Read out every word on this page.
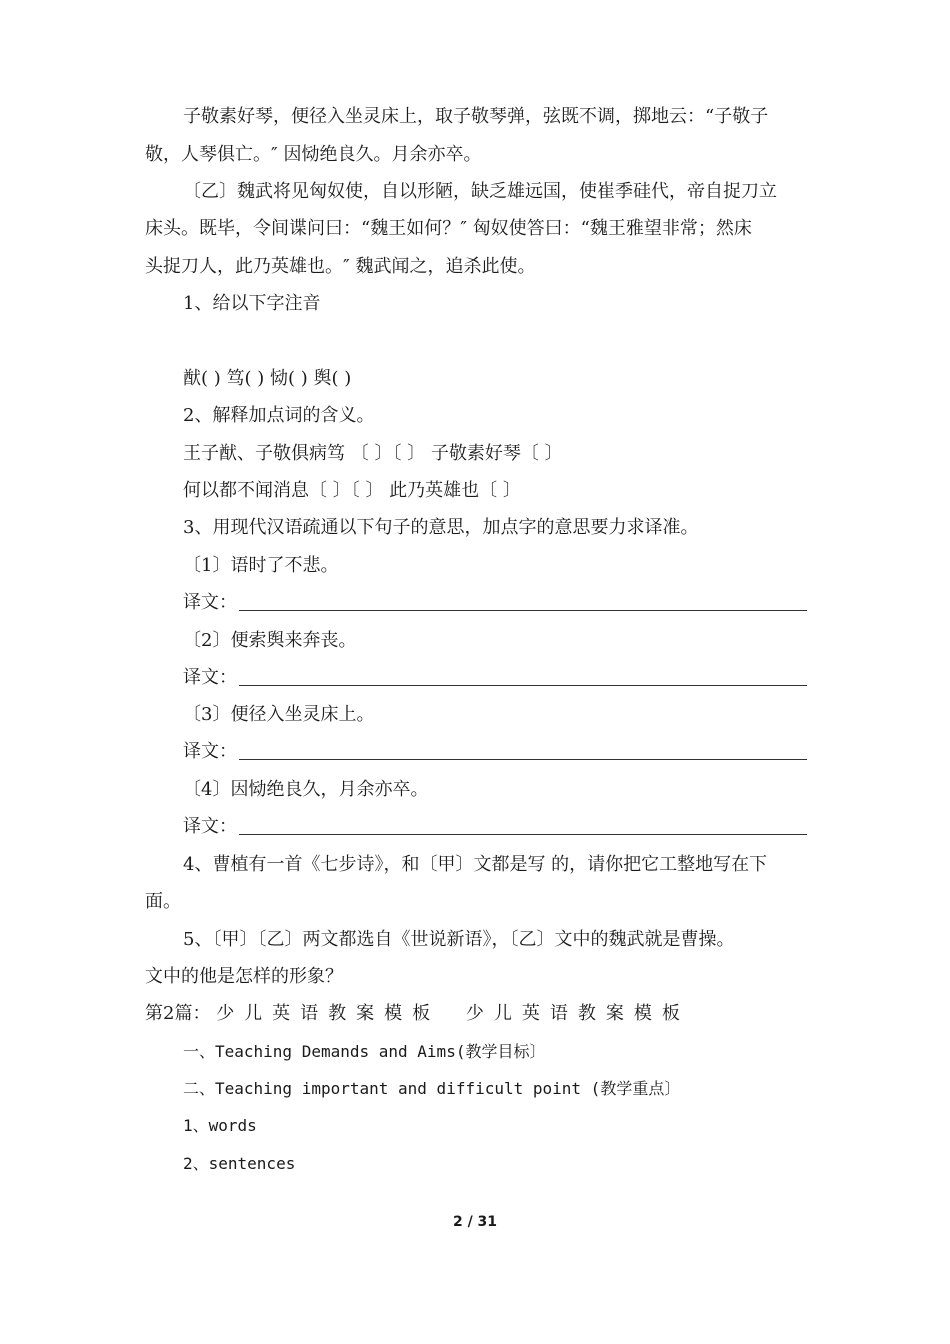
子敬素好琴，便径入坐灵床上，取子敬琴弹，弦既不调，掷地云：“子敬子
敬，人琴俱亡。″ 因恸绝良久。月余亦卒。
〔乙〕魏武将见匈奴使，自以形陋，缺乏雄远国，使崔季硅代，帝自捉刀立
床头。既毕，令间谍问曰：“魏王如何？″ 匈奴使答曰：“魏王雅望非常；然床
头捉刀人，此乃英雄也。″ 魏武闻之，追杀此使。
1、给以下字注音
猷( ) 笃( ) 恸( ) 舆( )
2、解释加点词的含义。
王子猷、子敬俱病笃 〔 〕〔 〕 子敬素好琴〔 〕
何以都不闻消息〔 〕〔 〕 此乃英雄也〔 〕
3、用现代汉语疏通以下句子的意思，加点字的意思要力求译准。
〔1〕语时了不悲。
译文：
〔2〕便索舆来奔丧。
译文：
〔3〕便径入坐灵床上。
译文：
〔4〕因恸绝良久，月余亦卒。
译文：
4、曹植有一首《七步诗》，和〔甲〕文都是写 的，请你把它工整地写在下
面。
5、〔甲〕〔乙〕两文都选自《世说新语》，〔乙〕文中的魏武就是曹操。
文中的他是怎样的形象？
第2篇： 少儿英语教案模板 少儿英语教案模板
一、Teaching Demands and Aims(教学目标〕
二、Teaching important and difficult point (教学重点〕
1、words
2、sentences
2 / 31
